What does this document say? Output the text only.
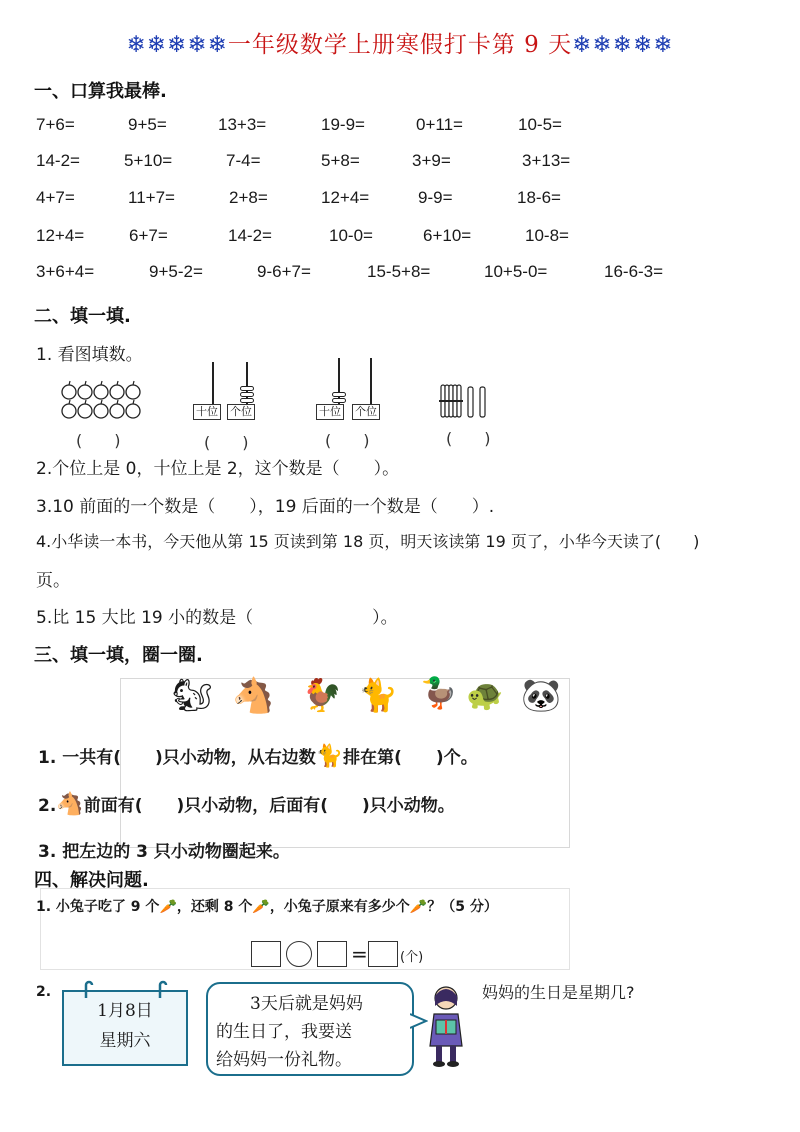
❄❄❄❄❄一年级数学上册寒假打卡第 9 天❄❄❄❄❄
一、口算我最棒.
7+6=	9+5=	13+3=	19-9=	0+11=	10-5=
14-2=	5+10=	7-4=	5+8=	3+9=	3+13=
4+7=	11+7=	2+8=	12+4=	9-9=	18-6=
12+4=	6+7=	14-2=	10-0=	6+10=	10-8=
3+6+4=	9+5-2=	9-6+7=	15-5+8=	10+5-0=	16-6-3=
二、填一填.
1. 看图填数。
(　　)
十位 个位
(　　)
十位 个位
(　　)	(　　)
2.个位上是 0，十位上是 2，这个数是（　　）。
3.10 前面的一个数是（　　），19 后面的一个数是（　　）.
4.小华读一本书，今天他从第 15 页读到第 18 页，明天该读第 19 页了，小华今天读了(　　)
页。
5.比 15 大比 19 小的数是（　　　　　　　）。
三、填一填，圈一圈.
🐿 🐴 🐓 🐈 🦆 🐢 🐼
1. 一共有(　　)只小动物，从右边数🐈排在第(　　)个。
2.🐴前面有(　　)只小动物，后面有(　　)只小动物。
3. 把左边的 3 只小动物圈起来。
四、解决问题.
1. 小兔子吃了 9 个🥕，还剩 8 个🥕，小兔子原来有多少个🥕？（5 分）
= (个)
2.
1月8日
星期六
3天后就是妈妈
的生日了，我要送
给妈妈一份礼物。
妈妈的生日是星期几?
